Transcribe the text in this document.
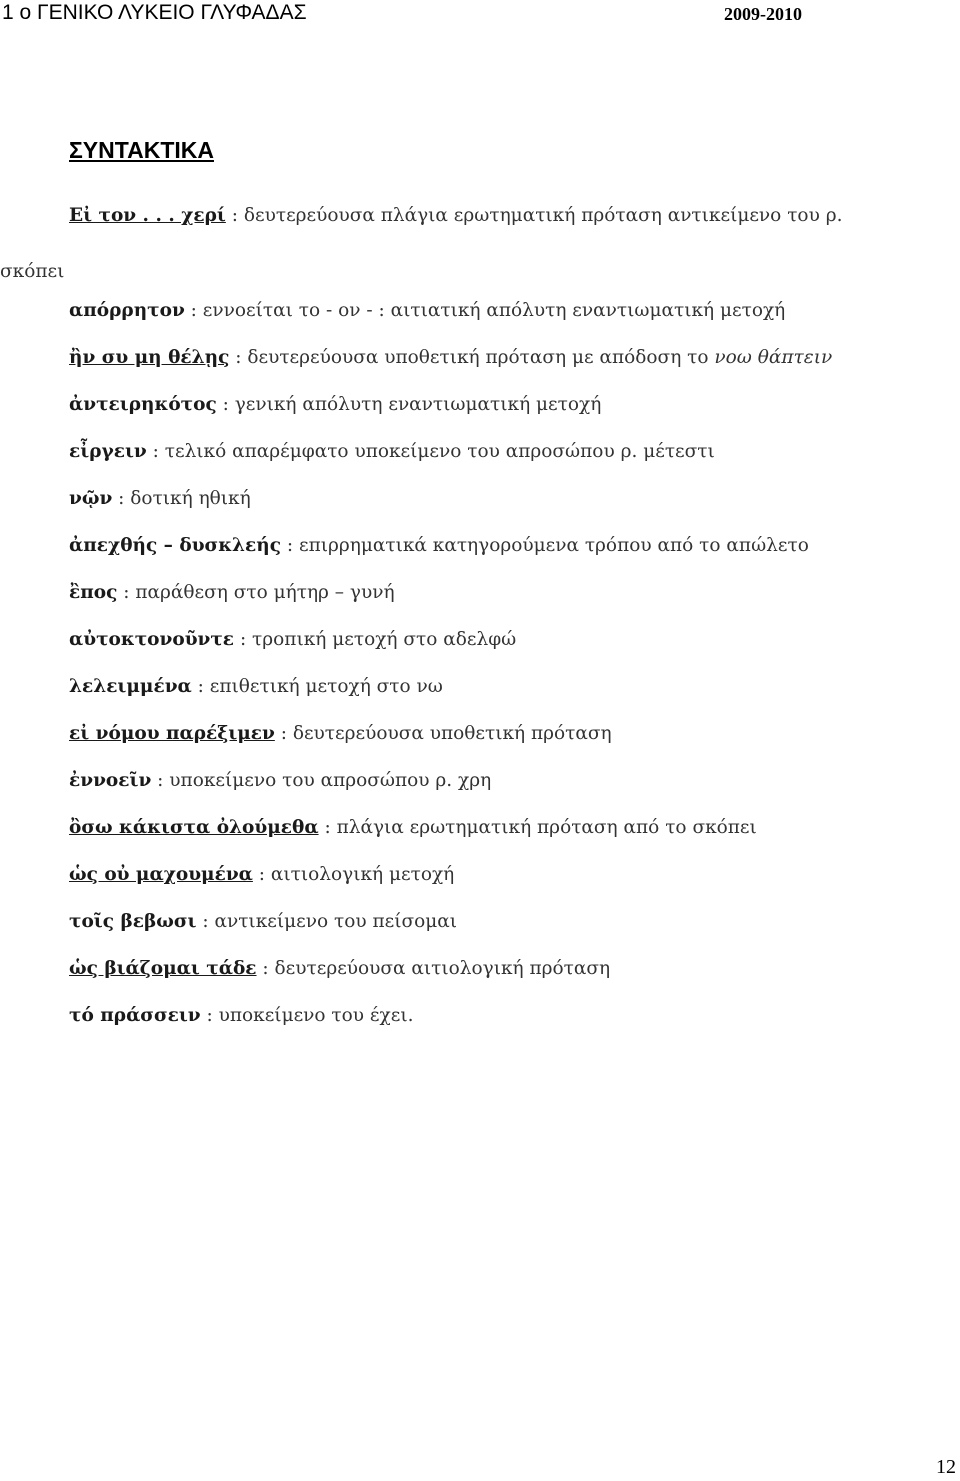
1 o ΓΕΝΙΚΟ ΛΥΚΕΙΟ ΓΛΥΦΑΔΑΣ	2009-2010
ΣΥΝΤΑΚΤΙΚΑ
Εἰ τον . . . χερί : δευτερεύουσα πλάγια ερωτηματική πρόταση αντικείμενο του ρ.
σκόπει
απόρρητον : εννοείται το - ον - : αιτιατική απόλυτη εναντιωματική μετοχή
ἢν συ μη θέλῃς : δευτερεύουσα υποθετική πρόταση με απόδοση το νοω θάπτειν
ἀντειρηκότος : γενική απόλυτη εναντιωματική μετοχή
εἶργειν : τελικό απαρέμφατο υποκείμενο του απροσώπου ρ. μέτεστι
νῷν : δοτική ηθική
ἀπεχθής – δυσκλεής : επιρρηματικά κατηγορούμενα τρόπου από το απώλετο
ἒπος : παράθεση στο μήτηρ – γυνή
αὐτοκτονοῦντε : τροπική μετοχή στο αδελφώ
λελειμμένα : επιθετική μετοχή στο νω
εἰ νόμου παρέξιμεν : δευτερεύουσα υποθετική πρόταση
ἐννοεῖν : υποκείμενο του απροσώπου ρ. χρη
ὂσω κάκιστα ὀλούμεθα : πλάγια ερωτηματική πρόταση από το σκόπει
ὡς οὐ μαχουμένα : αιτιολογική μετοχή
τοῖς βεβωσι : αντικείμενο του πείσομαι
ὡς βιάζομαι τάδε : δευτερεύουσα αιτιολογική πρόταση
τό πράσσειν : υποκείμενο του έχει.
12
